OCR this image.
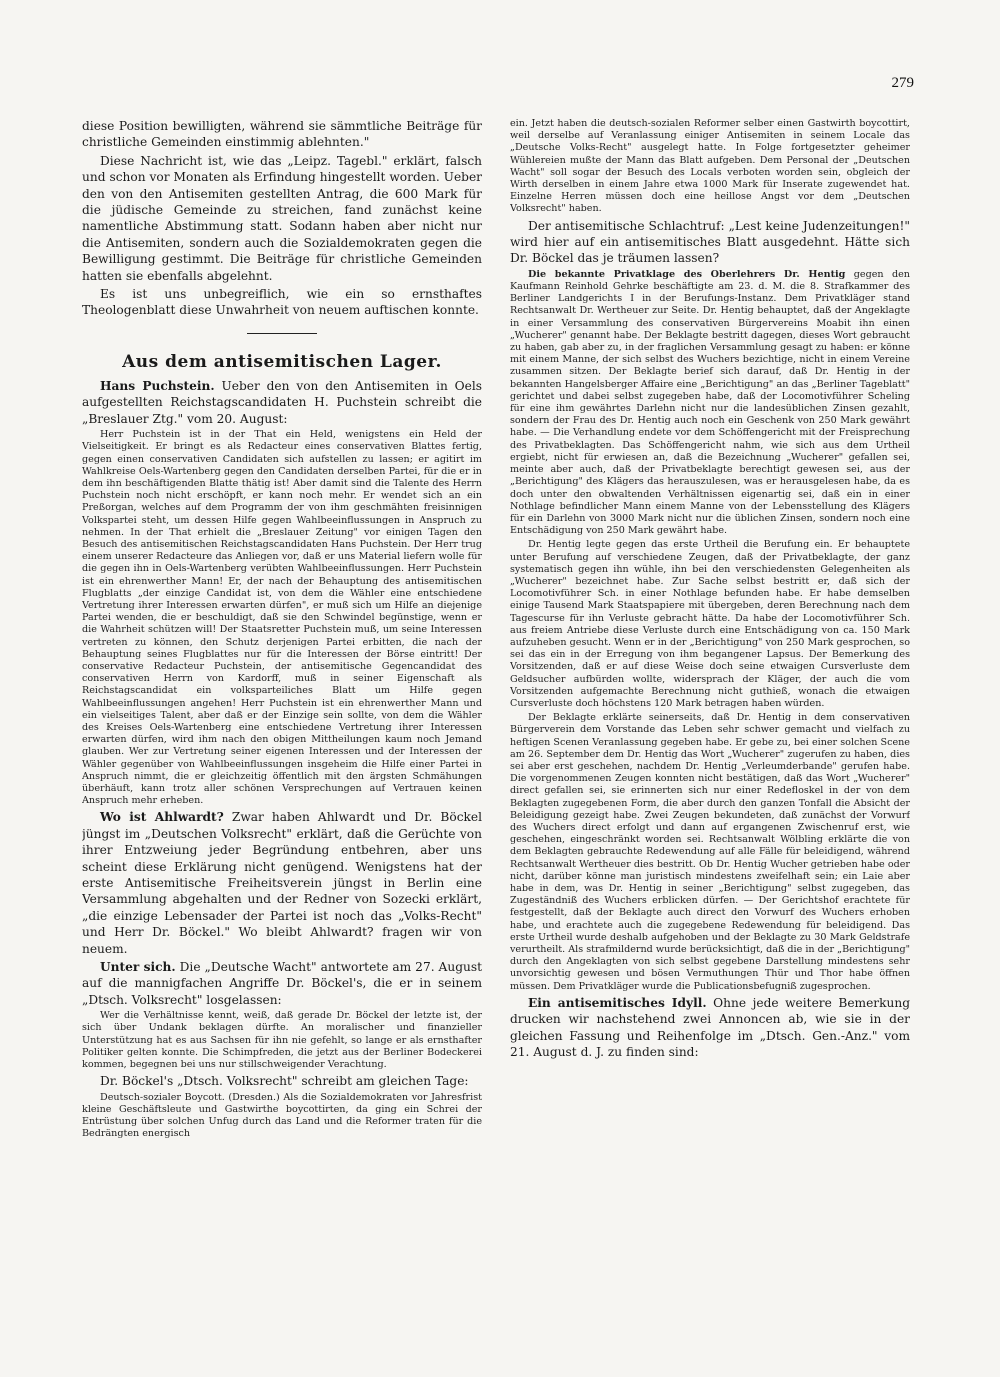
279

diese Position bewilligten, während sie sämmtliche Beiträge für christliche Gemeinden einstimmig ablehnten."

Diese Nachricht ist, wie das „Leipz. Tagebl." erklärt, falsch und schon vor Monaten als Erfindung hingestellt worden. Ueber den von den Antisemiten gestellten Antrag, die 600 Mark für die jüdische Gemeinde zu streichen, fand zunächst keine namentliche Abstimmung statt. Sodann haben aber nicht nur die Antisemiten, sondern auch die Sozialdemokraten gegen die Bewilligung gestimmt. Die Beiträge für christliche Gemeinden hatten sie ebenfalls abgelehnt.

Es ist uns unbegreiflich, wie ein so ernsthaftes Theologenblatt diese Unwahrheit von neuem auftischen konnte.

Aus dem antisemitischen Lager.

Hans Puchstein. Ueber den von den Antisemiten in Oels aufgestellten Reichstagscandidaten H. Puchstein schreibt die „Breslauer Ztg." vom 20. August:

Herr Puchstein ist in der That ein Held, wenigstens ein Held der Vielseitigkeit. Er bringt es als Redacteur eines conservativen Blattes fertig, gegen einen conservativen Candidaten sich aufstellen zu lassen; er agitirt im Wahlkreise Oels-Wartenberg gegen den Candidaten derselben Partei, für die er in dem ihn beschäftigenden Blatte thätig ist! Aber damit sind die Talente des Herrn Puchstein noch nicht erschöpft, er kann noch mehr. Er wendet sich an ein Preßorgan, welches auf dem Programm der von ihm geschmähten freisinnigen Volkspartei steht, um dessen Hilfe gegen Wahlbeeinflussungen in Anspruch zu nehmen. In der That erhielt die „Breslauer Zeitung" vor einigen Tagen den Besuch des antisemitischen Reichstagscandidaten Hans Puchstein. Der Herr trug einem unserer Redacteure das Anliegen vor, daß er uns Material liefern wolle für die gegen ihn in Oels-Wartenberg verübten Wahlbeeinflussungen. Herr Puchstein ist ein ehrenwerther Mann! Er, der nach der Behauptung des antisemitischen Flugblatts „der einzige Candidat ist, von dem die Wähler eine entschiedene Vertretung ihrer Interessen erwarten dürfen", er muß sich um Hilfe an diejenige Partei wenden, die er beschuldigt, daß sie den Schwindel begünstige, wenn er die Wahrheit schützen will! Der Staatsretter Puchstein muß, um seine Interessen vertreten zu können, den Schutz derjenigen Partei erbitten, die nach der Behauptung seines Flugblattes nur für die Interessen der Börse eintritt! Der conservative Redacteur Puchstein, der antisemitische Gegencandidat des conservativen Herrn von Kardorff, muß in seiner Eigenschaft als Reichstagscandidat ein volksparteiliches Blatt um Hilfe gegen Wahlbeeinflussungen angehen! Herr Puchstein ist ein ehrenwerther Mann und ein vielseitiges Talent, aber daß er der Einzige sein sollte, von dem die Wähler des Kreises Oels-Wartenberg eine entschiedene Vertretung ihrer Interessen erwarten dürfen, wird ihm nach den obigen Mittheilungen kaum noch Jemand glauben. Wer zur Vertretung seiner eigenen Interessen und der Interessen der Wähler gegenüber von Wahlbeeinflussungen insgeheim die Hilfe einer Partei in Anspruch nimmt, die er gleichzeitig öffentlich mit den ärgsten Schmähungen überhäuft, kann trotz aller schönen Versprechungen auf Vertrauen keinen Anspruch mehr erheben.

Wo ist Ahlwardt? Zwar haben Ahlwardt und Dr. Böckel jüngst im „Deutschen Volksrecht" erklärt, daß die Gerüchte von ihrer Entzweiung jeder Begründung entbehren, aber uns scheint diese Erklärung nicht genügend. Wenigstens hat der erste Antisemitische Freiheitsverein jüngst in Berlin eine Versammlung abgehalten und der Redner von Sozecki erklärt, „die einzige Lebensader der Partei ist noch das „Volks-Recht" und Herr Dr. Böckel." Wo bleibt Ahlwardt? fragen wir von neuem.

Unter sich. Die „Deutsche Wacht" antwortete am 27. August auf die mannigfachen Angriffe Dr. Böckel's, die er in seinem „Dtsch. Volksrecht" losgelassen:

Wer die Verhältnisse kennt, weiß, daß gerade Dr. Böckel der letzte ist, der sich über Undank beklagen dürfte. An moralischer und finanzieller Unterstützung hat es aus Sachsen für ihn nie gefehlt, so lange er als ernsthafter Politiker gelten konnte. Die Schimpfreden, die jetzt aus der Berliner Bodeckerei kommen, begegnen bei uns nur stillschweigender Verachtung.

Dr. Böckel's „Dtsch. Volksrecht" schreibt am gleichen Tage:

Deutsch-sozialer Boycott. (Dresden.) Als die Sozialdemokraten vor Jahresfrist kleine Geschäftsleute und Gastwirthe boycottirten, da ging ein Schrei der Entrüstung über solchen Unfug durch das Land und die Reformer traten für die Bedrängten energisch

ein. Jetzt haben die deutsch-sozialen Reformer selber einen Gastwirth boycottirt, weil derselbe auf Veranlassung einiger Antisemiten in seinem Locale das „Deutsche Volks-Recht" ausgelegt hatte. In Folge fortgesetzter geheimer Wühlereien mußte der Mann das Blatt aufgeben. Dem Personal der „Deutschen Wacht" soll sogar der Besuch des Locals verboten worden sein, obgleich der Wirth derselben in einem Jahre etwa 1000 Mark für Inserate zugewendet hat. Einzelne Herren müssen doch eine heillose Angst vor dem „Deutschen Volksrecht" haben.

Der antisemitische Schlachtruf: „Lest keine Judenzeitungen!" wird hier auf ein antisemitisches Blatt ausgedehnt. Hätte sich Dr. Böckel das je träumen lassen?

Die bekannte Privatklage des Oberlehrers Dr. Hentig gegen den Kaufmann Reinhold Gehrke beschäftigte am 23. d. M. die 8. Strafkammer des Berliner Landgerichts I in der Berufungs-Instanz. Dem Privatkläger stand Rechtsanwalt Dr. Wertheuer zur Seite. Dr. Hentig behauptet, daß der Angeklagte in einer Versammlung des conservativen Bürgervereins Moabit ihn einen „Wucherer" genannt habe. Der Beklagte bestritt dagegen, dieses Wort gebraucht zu haben, gab aber zu, in der fraglichen Versammlung gesagt zu haben: er könne mit einem Manne, der sich selbst des Wuchers bezichtige, nicht in einem Vereine zusammen sitzen. Der Beklagte berief sich darauf, daß Dr. Hentig in der bekannten Hangelsberger Affaire eine „Berichtigung" an das „Berliner Tageblatt" gerichtet und dabei selbst zugegeben habe, daß der Locomotivführer Scheling für eine ihm gewährtes Darlehn nicht nur die landesüblichen Zinsen gezahlt, sondern der Frau des Dr. Hentig auch noch ein Geschenk von 250 Mark gewährt habe. — Die Verhandlung endete vor dem Schöffengericht mit der Freisprechung des Privatbeklagten. Das Schöffengericht nahm, wie sich aus dem Urtheil ergiebt, nicht für erwiesen an, daß die Bezeichnung „Wucherer" gefallen sei, meinte aber auch, daß der Privatbeklagte berechtigt gewesen sei, aus der „Berichtigung" des Klägers das herauszulesen, was er herausgelesen habe, da es doch unter den obwaltenden Verhältnissen eigenartig sei, daß ein in einer Nothlage befindlicher Mann einem Manne von der Lebensstellung des Klägers für ein Darlehn von 3000 Mark nicht nur die üblichen Zinsen, sondern noch eine Entschädigung von 250 Mark gewährt habe.

Dr. Hentig legte gegen das erste Urtheil die Berufung ein. Er behauptete unter Berufung auf verschiedene Zeugen, daß der Privatbeklagte, der ganz systematisch gegen ihn wühle, ihn bei den verschiedensten Gelegenheiten als „Wucherer" bezeichnet habe. Zur Sache selbst bestritt er, daß sich der Locomotivführer Sch. in einer Nothlage befunden habe. Er habe demselben einige Tausend Mark Staatspapiere mit übergeben, deren Berechnung nach dem Tagescurse für ihn Verluste gebracht hätte. Da habe der Locomotivführer Sch. aus freiem Antriebe diese Verluste durch eine Entschädigung von ca. 150 Mark aufzuheben gesucht. Wenn er in der „Berichtigung" von 250 Mark gesprochen, so sei das ein in der Erregung von ihm begangener Lapsus. Der Bemerkung des Vorsitzenden, daß er auf diese Weise doch seine etwaigen Cursverluste dem Geldsucher aufbürden wollte, widersprach der Kläger, der auch die vom Vorsitzenden aufgemachte Berechnung nicht guthieß, wonach die etwaigen Cursverluste doch höchstens 120 Mark betragen haben würden.

Der Beklagte erklärte seinerseits, daß Dr. Hentig in dem conservativen Bürgerverein dem Vorstande das Leben sehr schwer gemacht und vielfach zu heftigen Scenen Veranlassung gegeben habe. Er gebe zu, bei einer solchen Scene am 26. September dem Dr. Hentig das Wort „Wucherer" zugerufen zu haben, dies sei aber erst geschehen, nachdem Dr. Hentig „Verleumderbande" gerufen habe. Die vorgenommenen Zeugen konnten nicht bestätigen, daß das Wort „Wucherer" direct gefallen sei, sie erinnerten sich nur einer Redefloskel in der von dem Beklagten zugegebenen Form, die aber durch den ganzen Tonfall die Absicht der Beleidigung gezeigt habe. Zwei Zeugen bekundeten, daß zunächst der Vorwurf des Wuchers direct erfolgt und dann auf ergangenen Zwischenruf erst, wie geschehen, eingeschränkt worden sei. Rechtsanwalt Wölbling erklärte die von dem Beklagten gebrauchte Redewendung auf alle Fälle für beleidigend, während Rechtsanwalt Wertheuer dies bestritt. Ob Dr. Hentig Wucher getrieben habe oder nicht, darüber könne man juristisch mindestens zweifelhaft sein; ein Laie aber habe in dem, was Dr. Hentig in seiner „Berichtigung" selbst zugegeben, das Zugeständniß des Wuchers erblicken dürfen. — Der Gerichtshof erachtete für festgestellt, daß der Beklagte auch direct den Vorwurf des Wuchers erhoben habe, und erachtete auch die zugegebene Redewendung für beleidigend. Das erste Urtheil wurde deshalb aufgehoben und der Beklagte zu 30 Mark Geldstrafe verurtheilt. Als strafmildernd wurde berücksichtigt, daß die in der „Berichtigung" durch den Angeklagten von sich selbst gegebene Darstellung mindestens sehr unvorsichtig gewesen und bösen Vermuthungen Thür und Thor habe öffnen müssen. Dem Privatkläger wurde die Publicationsbefugniß zugesprochen.

Ein antisemitisches Idyll. Ohne jede weitere Bemerkung drucken wir nachstehend zwei Annoncen ab, wie sie in der gleichen Fassung und Reihenfolge im „Dtsch. Gen.-Anz." vom 21. August d. J. zu finden sind:
